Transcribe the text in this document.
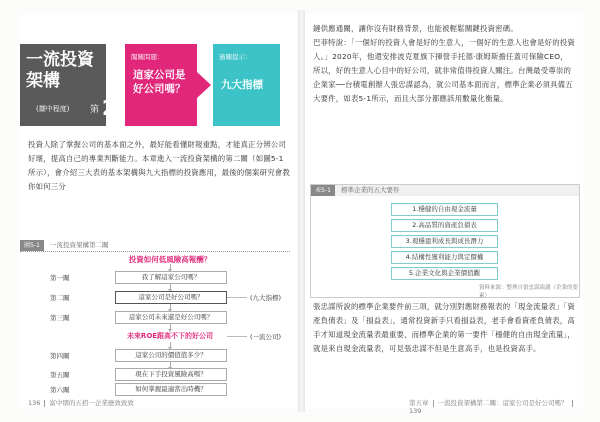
一流投資架構
(擷中程度) 第 2
闖關問題：
這家公司是好公司嗎？
過關提示：
九大指標
投資人除了掌握公司的基本面之外，最好能看懂財報重點，才能真正分辨公司好壞，提高自己的專業判斷能力。本章進入一流投資架構的第二關（如圖5-1所示），會介紹三大表的基本架構與九大指標的投資應用，最後的個案研究會教你如何三分
圖5-1	一流投資架構第二關
投資如何低風險高報酬？
第一關	我了解這家公司嗎？
第二關	這家公司是好公司嗎？	(九大指標)
第三關	這家公司未來還是好公司嗎？
未來ROE跟高不下的好公司	(一流公司)
第四關	這家公司的價值值多少？
第五關	現在下手投資風險高嗎？
第六關	如何掌握最適當出時機？
136 富中朋的五招一企業應致致致
鏈供應通關，讓你沒有財務背景，也能被輕鬆關鍵投資密碼。
巴菲特說：「一個好的投資人會是好的生意人，一個好的生意人也會是好的投資人。」2020年，他還安排波克夏旗下揮營手托德‧康姆斯擔任蓋可保險CEO，所以，好的生意人心目中的好公司，就非常值得投資人關注。台灣最受尊崇的企業家──台積電創辦人張忠謀認為，就公司基本面而言，標準企業必須具備五大要件，如表5-1所示，而且大部分都應該用數量化衡量。
表5-1	標準企業的五大要件
1.穩健的自由現金流量
2.高品質的資產負債表
3.現穩盈利成長與成長潛力
4.結構性獲利能力與定價權
5.企業文化與企業價值觀
資料來源：整理自張忠謀演講（企業的要素）
張忠謀所說的標準企業要件前三項，就分別對應財務報表的「現金流量表」「資產負債表」及「損益表」，通常投資新手只看損益表，老手會看資產負債表，高手才知道現金流量表最重要，而標準企業的第一要件「穩健的自由現金流量」，就是來自現金流量表，可見張忠謀不但是生意高手，也是投資高手。
第五章 一流投資架構第二關：這家公司是好公司嗎？139
